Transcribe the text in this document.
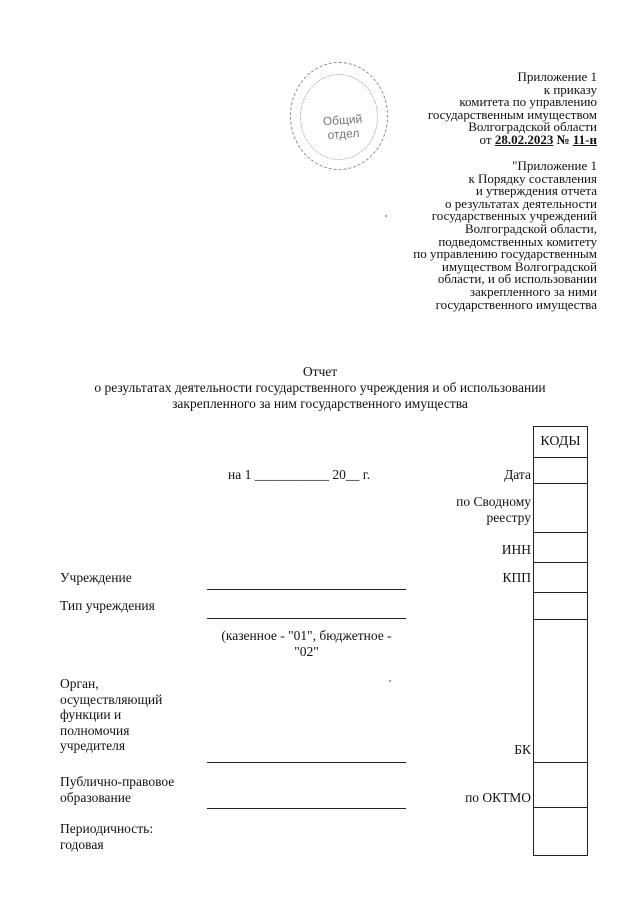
Общий отдел
Приложение 1
к приказу
комитета по управлению
государственным имуществом
Волгоградской области
от 28.02.2023 № 11-н
"Приложение 1
к Порядку составления
и утверждения отчета
о результатах деятельности
государственных учреждений
Волгоградской области,
подведомственных комитету
по управлению государственным
имуществом Волгоградской
области, и об использовании
закрепленного за ними
государственного имущества
Отчет
о результатах деятельности государственного учреждения и об использовании
закрепленного за ним государственного имущества
КОДЫ
на 1 ___________ 20__ г.	Дата
по Сводному
реестру
ИНН
КПП
БК
по ОКТМО
Учреждение
Тип учреждения
(казенное - "01", бюджетное -
"02"
Орган,
осуществляющий
функции и
полномочия
учредителя
Публично-правовое
образование
Периодичность:
годовая
